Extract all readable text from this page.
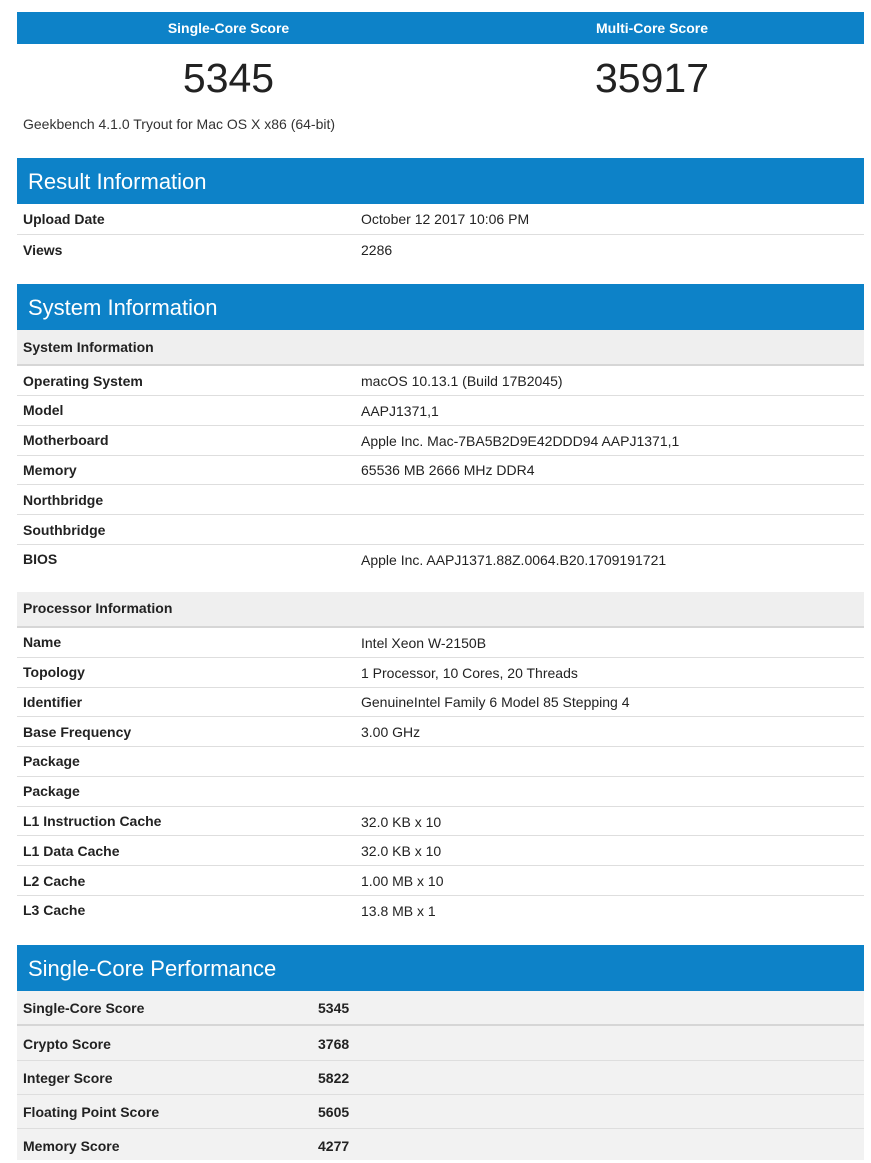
Single-Core Score	Multi-Core Score
5345	35917
Geekbench 4.1.0 Tryout for Mac OS X x86 (64-bit)
Result Information
Upload Date	October 12 2017 10:06 PM
Views	2286
System Information
System Information
Operating System	macOS 10.13.1 (Build 17B2045)
Model	AAPJ1371,1
Motherboard	Apple Inc. Mac-7BA5B2D9E42DDD94 AAPJ1371,1
Memory	65536 MB 2666 MHz DDR4
Northbridge
Southbridge
BIOS	Apple Inc. AAPJ1371.88Z.0064.B20.1709191721
Processor Information
Name	Intel Xeon W-2150B
Topology	1 Processor, 10 Cores, 20 Threads
Identifier	GenuineIntel Family 6 Model 85 Stepping 4
Base Frequency	3.00 GHz
Package
Package
L1 Instruction Cache	32.0 KB x 10
L1 Data Cache	32.0 KB x 10
L2 Cache	1.00 MB x 10
L3 Cache	13.8 MB x 1
Single-Core Performance
Single-Core Score	5345
Crypto Score	3768
Integer Score	5822
Floating Point Score	5605
Memory Score	4277
